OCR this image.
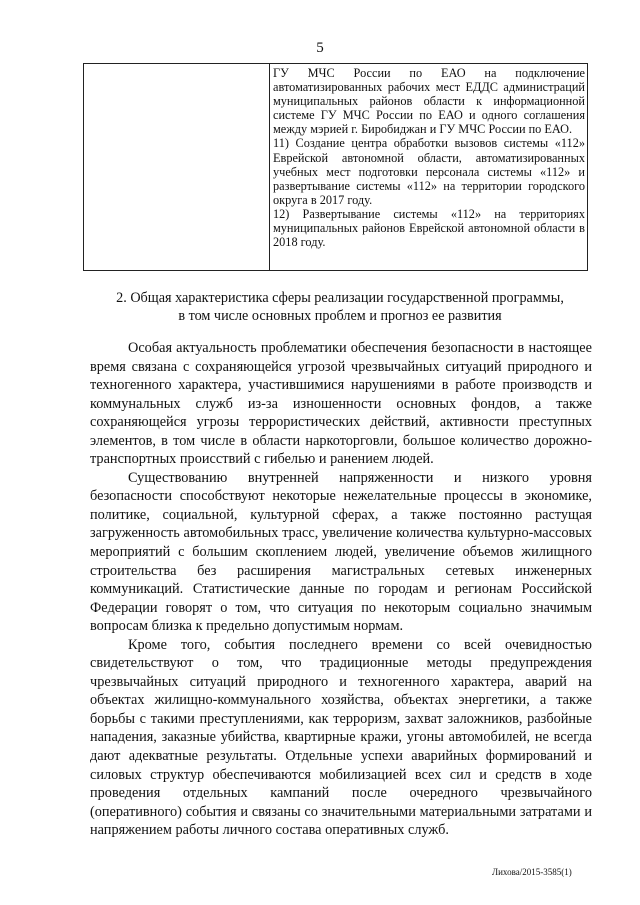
5

ГУ МЧС России по ЕАО на подключение автоматизированных рабочих мест ЕДДС администраций муниципальных районов области к информационной системе ГУ МЧС России по ЕАО и одного соглашения между мэрией г. Биробиджан и ГУ МЧС России по ЕАО.

11) Создание центра обработки вызовов системы «112» Еврейской автономной области, автоматизированных учебных мест подготовки персонала системы «112» и развертывание системы «112» на территории городского округа в 2017 году.

12) Развертывание системы «112» на территориях муниципальных районов Еврейской автономной области в 2018 году.

2. Общая характеристика сферы реализации государственной программы,
в том числе основных проблем и прогноз ее развития

Особая актуальность проблематики обеспечения безопасности в настоящее время связана с сохраняющейся угрозой чрезвычайных ситуаций природного и техногенного характера, участившимися нарушениями в работе производств и коммунальных служб из-за изношенности основных фондов, а также сохраняющейся угрозы террористических действий, активности преступных элементов, в том числе в области наркоторговли, большое количество дорожно-транспортных происствий с гибелью и ранением людей.

Существованию внутренней напряженности и низкого уровня безопасности способствуют некоторые нежелательные процессы в экономике, политике, социальной, культурной сферах, а также постоянно растущая загруженность автомобильных трасс, увеличение количества культурно-массовых мероприятий с большим скоплением людей, увеличение объемов жилищного строительства без расширения магистральных сетевых инженерных коммуникаций. Статистические данные по городам и регионам Российской Федерации говорят о том, что ситуация по некоторым социально значимым вопросам близка к предельно допустимым нормам.

Кроме того, события последнего времени со всей очевидностью свидетельствуют о том, что традиционные методы предупреждения чрезвычайных ситуаций природного и техногенного характера, аварий на объектах жилищно-коммунального хозяйства, объектах энергетики, а также борьбы с такими преступлениями, как терроризм, захват заложников, разбойные нападения, заказные убийства, квартирные кражи, угоны автомобилей, не всегда дают адекватные результаты. Отдельные успехи аварийных формирований и силовых структур обеспечиваются мобилизацией всех сил и средств в ходе проведения отдельных кампаний после очередного чрезвычайного (оперативного) события и связаны со значительными материальными затратами и напряжением работы личного состава оперативных служб.

Лихова/2015-3585(1)
